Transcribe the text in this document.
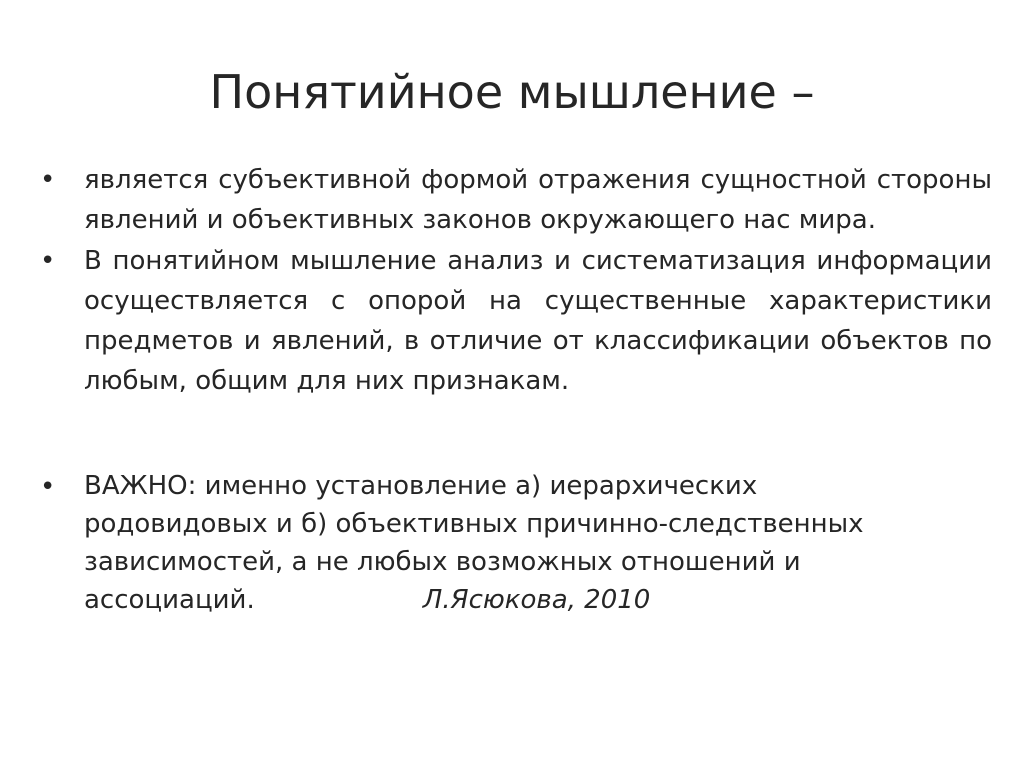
Понятийное мышление –
• является субъективной формой отражения сущностной стороны явлений и объективных законов окружающего нас мира.
• В понятийном мышление анализ и систематизация информации осуществляется с опорой на существенные характеристики предметов и явлений, в отличие от классификации объектов по любым, общим для них признакам.
• ВАЖНО: именно установление а) иерархических родовидовых и б) объективных причинно-следственных зависимостей, а не любых возможных отношений и ассоциаций.	Л.Ясюкова, 2010
